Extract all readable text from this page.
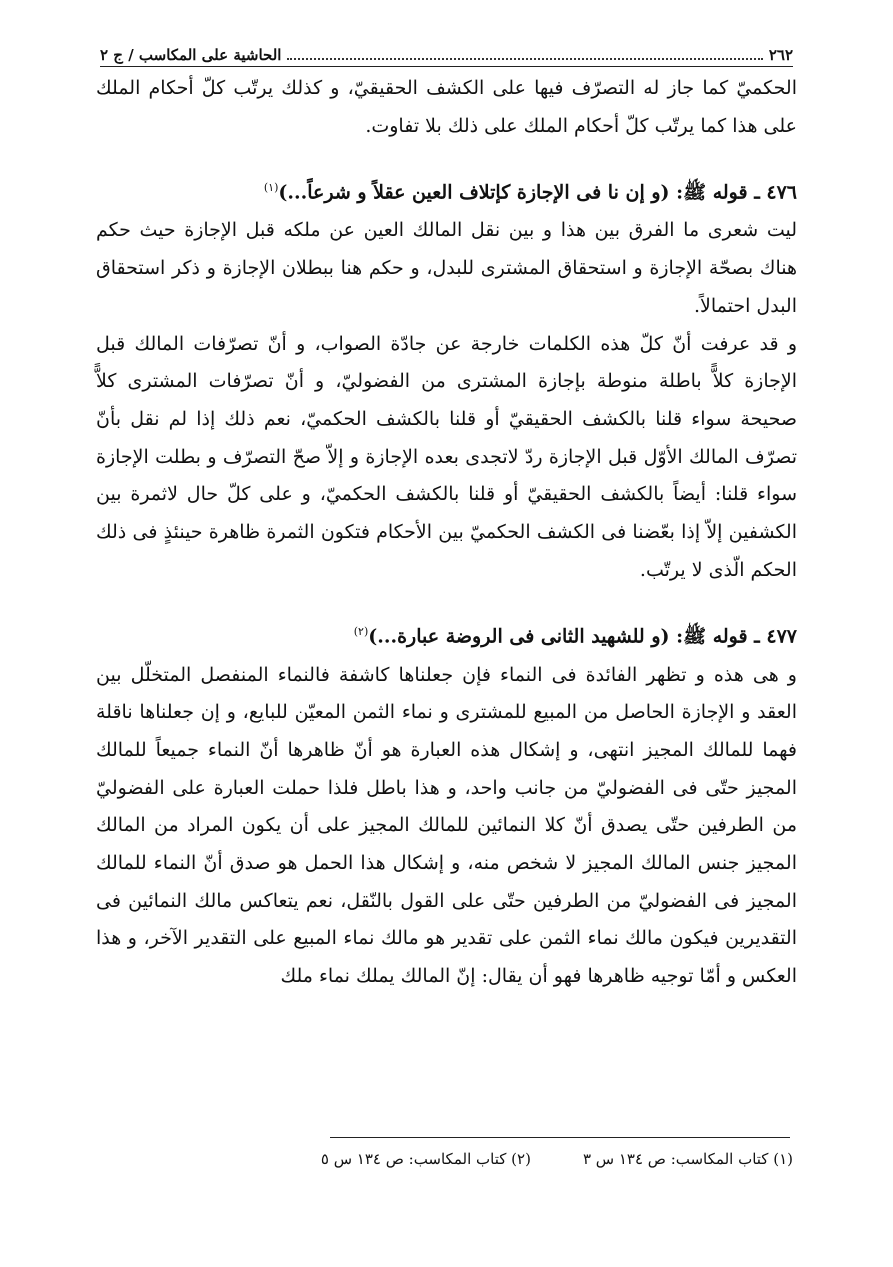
٢٦٢
الحاشية على المكاسب / ج ٢

الحكميّ كما جاز له التصرّف فيها على الكشف الحقيقيّ، و كذلك يرتّب كلّ أحكام الملك على هذا كما يرتّب كلّ أحكام الملك على ذلك بلا تفاوت.

٤٧٦ ـ قوله ﷺ: (و إن نا فى الإجازة كإتلاف العين عقلاً و شرعاً...)$^{(١)}$

ليت شعرى ما الفرق بين هذا و بين نقل المالك العين عن ملكه قبل الإجازة حيث حكم هناك بصحّة الإجازة و استحقاق المشترى للبدل، و حكم هنا ببطلان الإجازة و ذكر استحقاق البدل احتمالاً.

و قد عرفت أنّ كلّ هذه الكلمات خارجة عن جادّة الصواب، و أنّ تصرّفات المالك قبل الإجازة كلاًّ باطلة منوطة بإجازة المشترى من الفضوليّ، و أنّ تصرّفات المشترى كلاًّ صحيحة سواء قلنا بالكشف الحقيقيّ أو قلنا بالكشف الحكميّ، نعم ذلك إذا لم نقل بأنّ تصرّف المالك الأوّل قبل الإجازة ردّ لاتجدى بعده الإجازة و إلاّ صحّ التصرّف و بطلت الإجازة سواء قلنا: أيضاً بالكشف الحقيقيّ أو قلنا بالكشف الحكميّ، و على كلّ حال لاثمرة بين الكشفين إلاّ إذا بعّضنا فى الكشف الحكميّ بين الأحكام فتكون الثمرة ظاهرة حينئذٍ فى ذلك الحكم الّذى لا يرتّب.

٤٧٧ ـ قوله ﷺ: (و للشهيد الثانى فى الروضة عبارة...)$^{(٢)}$

و هى هذه و تظهر الفائدة فى النماء فإن جعلناها كاشفة فالنماء المنفصل المتخلّل بين العقد و الإجازة الحاصل من المبيع للمشترى و نماء الثمن المعيّن للبايع، و إن جعلناها ناقلة فهما للمالك المجيز انتهى، و إشكال هذه العبارة هو أنّ ظاهرها أنّ النماء جميعاً للمالك المجيز حتّى فى الفضوليّ من جانب واحد، و هذا باطل فلذا حملت العبارة على الفضوليّ من الطرفين حتّى يصدق أنّ كلا النمائين للمالك المجيز على أن يكون المراد من المالك المجيز جنس المالك المجيز لا شخص منه، و إشكال هذا الحمل هو صدق أنّ النماء للمالك المجيز فى الفضوليّ من الطرفين حتّى على القول بالنّقل، نعم يتعاكس مالك النمائين فى التقديرين فيكون مالك نماء الثمن على تقدير هو مالك نماء المبيع على التقدير الآخر، و هذا العكس و أمّا توجيه ظاهرها فهو أن يقال: إنّ المالك يملك نماء ملك

(١) كتاب المكاسب: ص ١٣٤ س ٣
(٢) كتاب المكاسب: ص ١٣٤ س ٥
